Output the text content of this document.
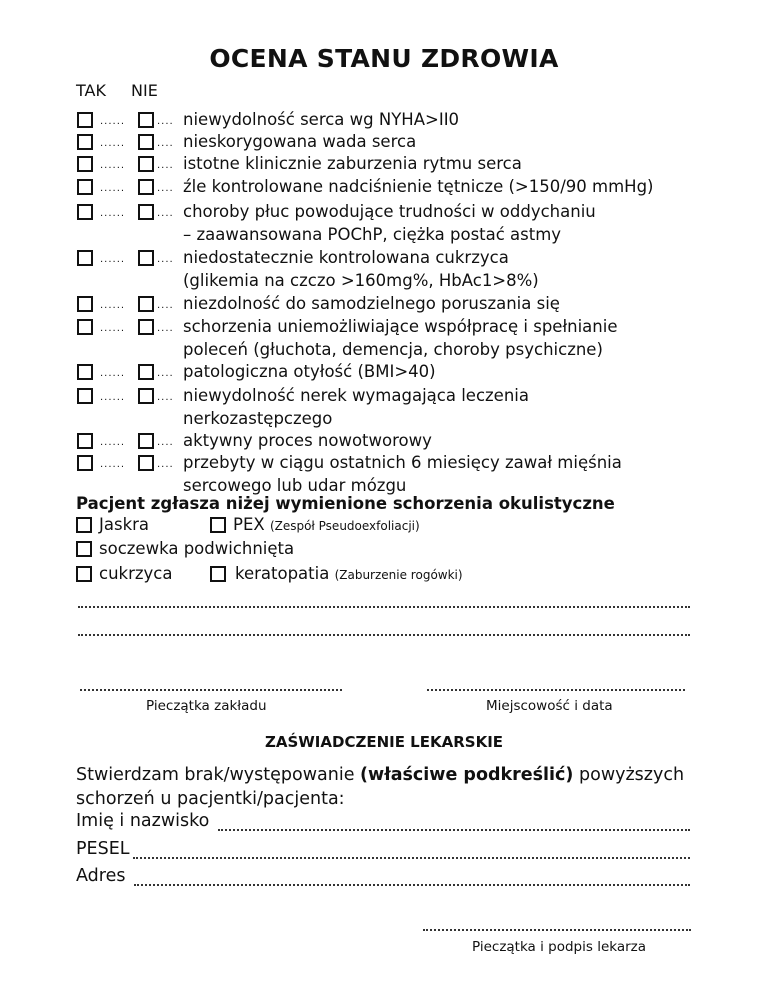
OCENA STANU ZDROWIA
TAK NIE
......	.... niewydolność serca wg NYHA>II0
......	.... nieskorygowana wada serca
......	.... istotne klinicznie zaburzenia rytmu serca
......	.... źle kontrolowane nadciśnienie tętnicze (>150/90 mmHg)
......	.... choroby płuc powodujące trudności w oddychaniu
– zaawansowana POChP, ciężka postać astmy
......	.... niedostatecznie kontrolowana cukrzyca
(glikemia na czczo >160mg%, HbAc1>8%)
......	.... niezdolność do samodzielnego poruszania się
......	.... schorzenia uniemożliwiające współpracę i spełnianie
poleceń (głuchota, demencja, choroby psychiczne)
......	.... patologiczna otyłość (BMI>40)
......	.... niewydolność nerek wymagająca leczenia
nerkozastępczego
......	.... aktywny proces nowotworowy
......	.... przebyty w ciągu ostatnich 6 miesięcy zawał mięśnia
sercowego lub udar mózgu
Pacjent zgłasza niżej wymienione schorzenia okulistyczne
Jaskra	PEX (Zespół Pseudoexfoliacji)
soczewka podwichnięta
cukrzyca	keratopatia (Zaburzenie rogówki)
Pieczątka zakładu	Miejscowość i data
ZAŚWIADCZENIE LEKARSKIE
Stwierdzam brak/występowanie (właściwe podkreślić) powyższych schorzeń u pacjentki/pacjenta:
Imię i nazwisko
PESEL
Adres
Pieczątka i podpis lekarza
